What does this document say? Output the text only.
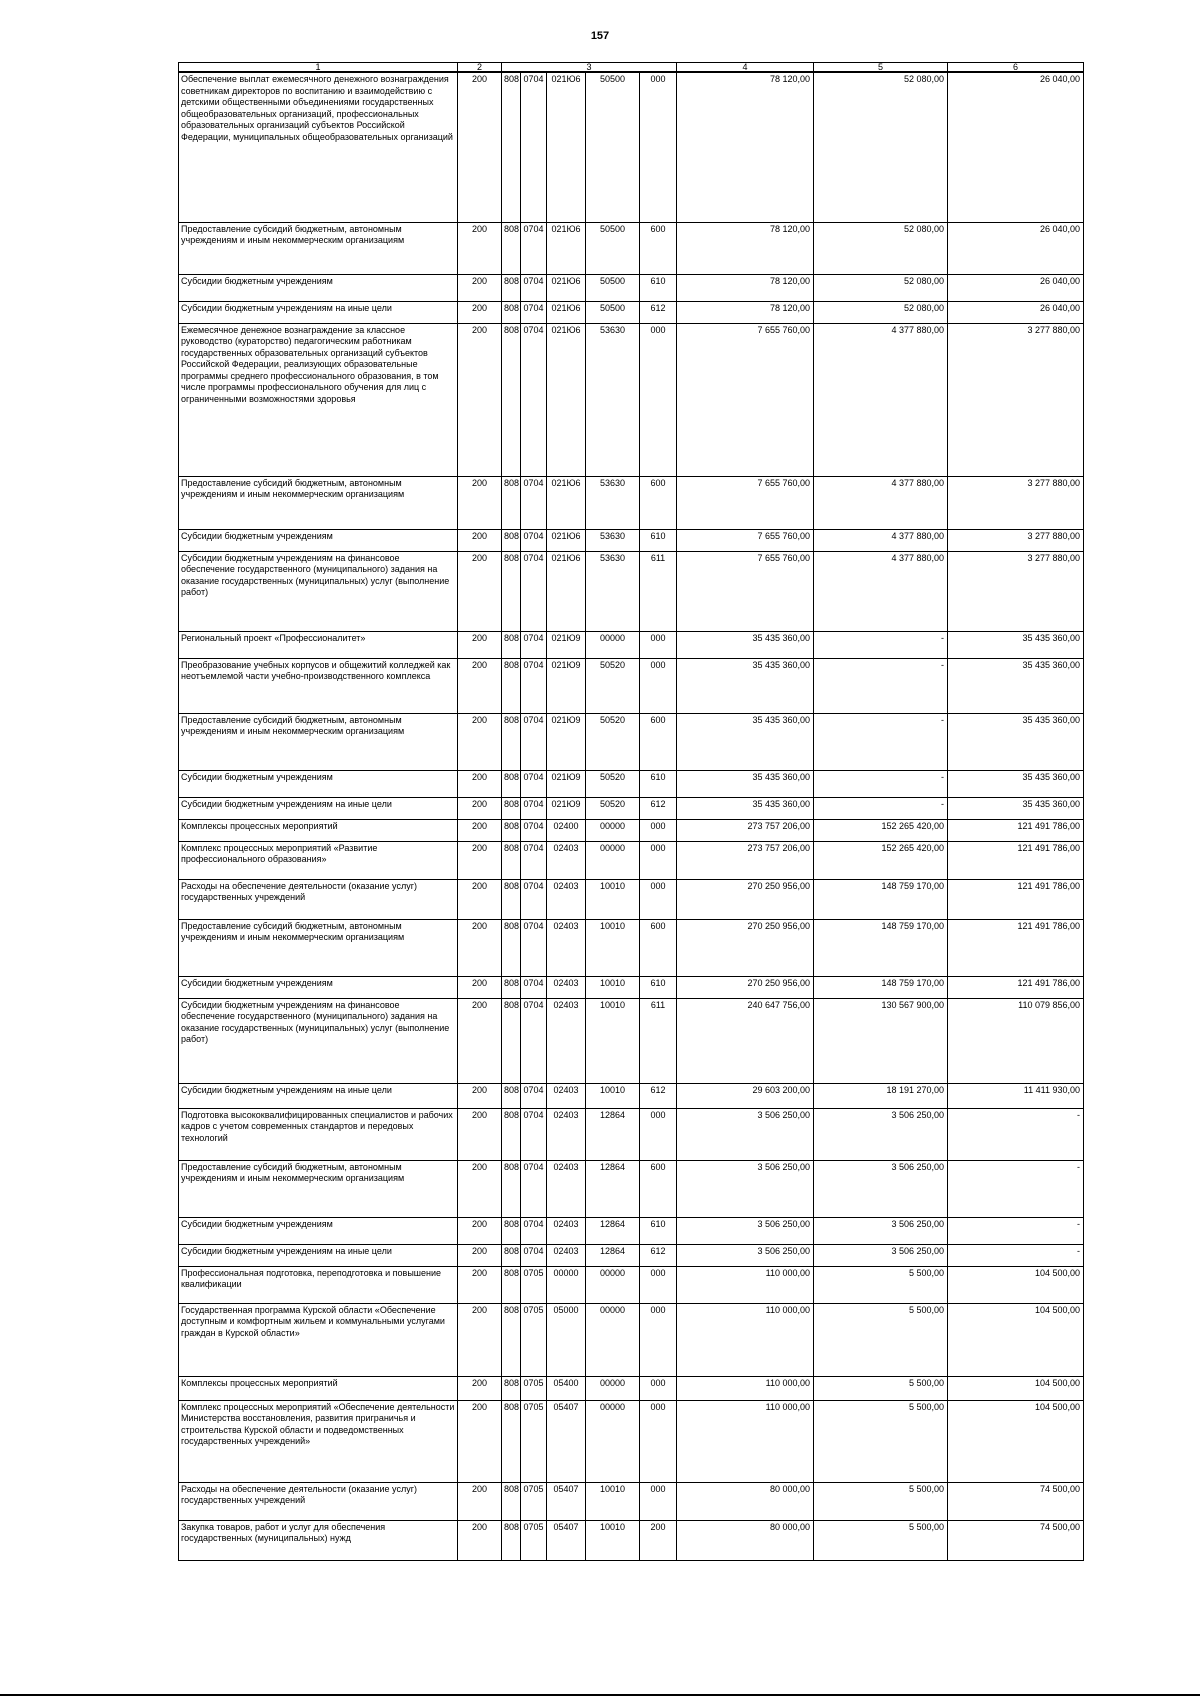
157
1	2	3					4	5	6
Обеспечение выплат ежемесячного денежного вознаграждения советникам директоров по воспитанию и взаимодействию с детскими общественными объединениями государственных общеобразовательных организаций, профессиональных образовательных организаций субъектов Российской Федерации, муниципальных общеобразовательных организаций	200	808	0704	021Ю6	50500	000	78 120,00	52 080,00	26 040,00
Предоставление субсидий бюджетным, автономным учреждениям и иным некоммерческим организациям	200	808	0704	021Ю6	50500	600	78 120,00	52 080,00	26 040,00
Субсидии бюджетным учреждениям	200	808	0704	021Ю6	50500	610	78 120,00	52 080,00	26 040,00
Субсидии бюджетным учреждениям на иные цели	200	808	0704	021Ю6	50500	612	78 120,00	52 080,00	26 040,00
Ежемесячное денежное вознаграждение за классное руководство (кураторство) педагогическим работникам государственных образовательных организаций субъектов Российской Федерации, реализующих образовательные программы среднего профессионального образования, в том числе программы профессионального обучения для лиц с ограниченными возможностями здоровья	200	808	0704	021Ю6	53630	000	7 655 760,00	4 377 880,00	3 277 880,00
Предоставление субсидий бюджетным, автономным учреждениям и иным некоммерческим организациям	200	808	0704	021Ю6	53630	600	7 655 760,00	4 377 880,00	3 277 880,00
Субсидии бюджетным учреждениям	200	808	0704	021Ю6	53630	610	7 655 760,00	4 377 880,00	3 277 880,00
Субсидии бюджетным учреждениям на финансовое обеспечение государственного (муниципального) задания на оказание государственных (муниципальных) услуг (выполнение работ)	200	808	0704	021Ю6	53630	611	7 655 760,00	4 377 880,00	3 277 880,00
Региональный проект «Профессионалитет»	200	808	0704	021Ю9	00000	000	35 435 360,00	-	35 435 360,00
Преобразование учебных корпусов и общежитий колледжей как неотъемлемой части учебно-производственного комплекса	200	808	0704	021Ю9	50520	000	35 435 360,00	-	35 435 360,00
Предоставление субсидий бюджетным, автономным учреждениям и иным некоммерческим организациям	200	808	0704	021Ю9	50520	600	35 435 360,00	-	35 435 360,00
Субсидии бюджетным учреждениям	200	808	0704	021Ю9	50520	610	35 435 360,00	-	35 435 360,00
Субсидии бюджетным учреждениям на иные цели	200	808	0704	021Ю9	50520	612	35 435 360,00	-	35 435 360,00
Комплексы процессных мероприятий	200	808	0704	02400	00000	000	273 757 206,00	152 265 420,00	121 491 786,00
Комплекс процессных мероприятий «Развитие профессионального образования»	200	808	0704	02403	00000	000	273 757 206,00	152 265 420,00	121 491 786,00
Расходы на обеспечение деятельности (оказание услуг) государственных учреждений	200	808	0704	02403	10010	000	270 250 956,00	148 759 170,00	121 491 786,00
Предоставление субсидий бюджетным, автономным учреждениям и иным некоммерческим организациям	200	808	0704	02403	10010	600	270 250 956,00	148 759 170,00	121 491 786,00
Субсидии бюджетным учреждениям	200	808	0704	02403	10010	610	270 250 956,00	148 759 170,00	121 491 786,00
Субсидии бюджетным учреждениям на финансовое обеспечение государственного (муниципального) задания на оказание государственных (муниципальных) услуг (выполнение работ)	200	808	0704	02403	10010	611	240 647 756,00	130 567 900,00	110 079 856,00
Субсидии бюджетным учреждениям на иные цели	200	808	0704	02403	10010	612	29 603 200,00	18 191 270,00	11 411 930,00
Подготовка высококвалифицированных специалистов и рабочих кадров с учетом современных стандартов и передовых технологий	200	808	0704	02403	12864	000	3 506 250,00	3 506 250,00	-
Предоставление субсидий бюджетным, автономным учреждениям и иным некоммерческим организациям	200	808	0704	02403	12864	600	3 506 250,00	3 506 250,00	-
Субсидии бюджетным учреждениям	200	808	0704	02403	12864	610	3 506 250,00	3 506 250,00	-
Субсидии бюджетным учреждениям на иные цели	200	808	0704	02403	12864	612	3 506 250,00	3 506 250,00	-
Профессиональная подготовка, переподготовка и повышение квалификации	200	808	0705	00000	00000	000	110 000,00	5 500,00	104 500,00
Государственная программа Курской области «Обеспечение доступным и комфортным жильем и коммунальными услугами граждан в Курской области»	200	808	0705	05000	00000	000	110 000,00	5 500,00	104 500,00
Комплексы процессных мероприятий	200	808	0705	05400	00000	000	110 000,00	5 500,00	104 500,00
Комплекс процессных мероприятий «Обеспечение деятельности Министерства восстановления, развития приграничья и строительства Курской области и подведомственных государственных учреждений»	200	808	0705	05407	00000	000	110 000,00	5 500,00	104 500,00
Расходы на обеспечение деятельности (оказание услуг) государственных учреждений	200	808	0705	05407	10010	000	80 000,00	5 500,00	74 500,00
Закупка товаров, работ и услуг для обеспечения государственных (муниципальных) нужд	200	808	0705	05407	10010	200	80 000,00	5 500,00	74 500,00
